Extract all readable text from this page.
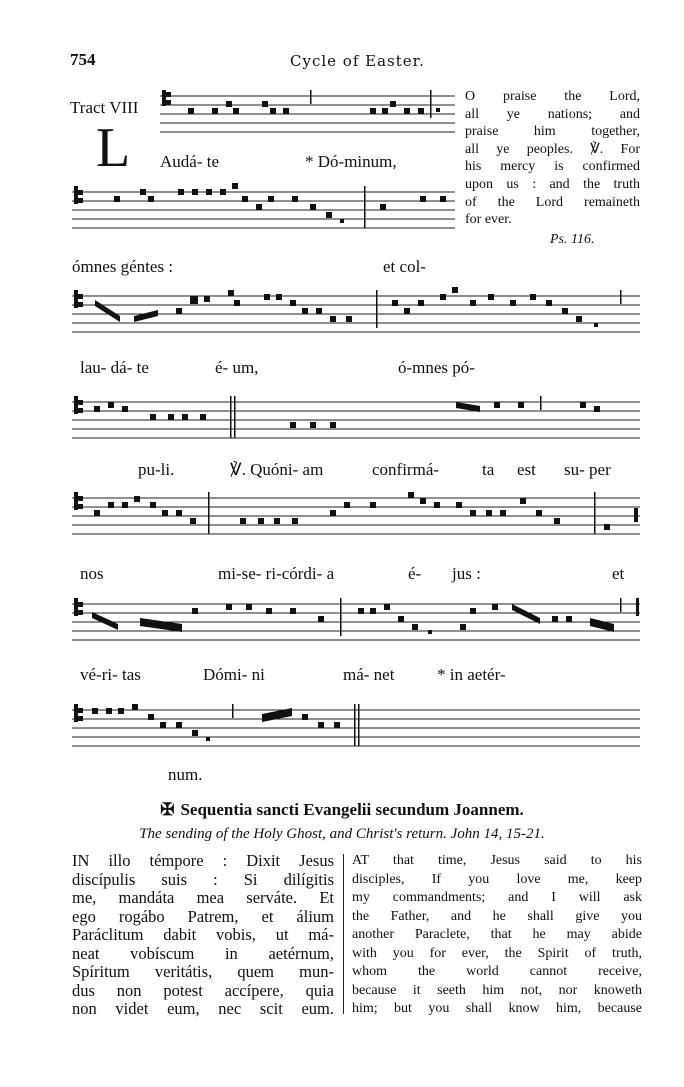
754	Cycle of Easter.
Tract VIII
L Audá- te	* Dó-minum,
O praise the Lord,
all ye nations; and
praise him together,
all ye peoples. ℣. For
his mercy is confirmed
upon us : and the truth
of the Lord remaineth
for ever.
Ps. 116.
ómnes géntes :	et col-
lau- dá- te	é- um,	ó-mnes pó-
pu-li.	℣. Quóni- am	confirmá-	ta est su- per
nos	mi-se- ri-córdi- a	é- jus :	et
vé-ri- tas	Dómi- ni	má- net	* in aetér-
num.
✠ Sequentia sancti Evangelii secundum Joannem.
The sending of the Holy Ghost, and Christ's return. John 14, 15-21.
IN illo témpore : Dixit Jesus
discípulis suis : Si dilígitis
me, mandáta mea serváte. Et
ego rogábo Patrem, et álium
Paráclitum dabit vobis, ut má-
neat vobíscum in aetérnum,
Spíritum veritátis, quem mun-
dus non potest accípere, quia
non videt eum, nec scit eum.
AT that time, Jesus said to his
disciples, If you love me, keep
my commandments; and I will ask
the Father, and he shall give you
another Paraclete, that he may abide
with you for ever, the Spirit of truth,
whom the world cannot receive,
because it seeth him not, nor knoweth
him; but you shall know him, because
